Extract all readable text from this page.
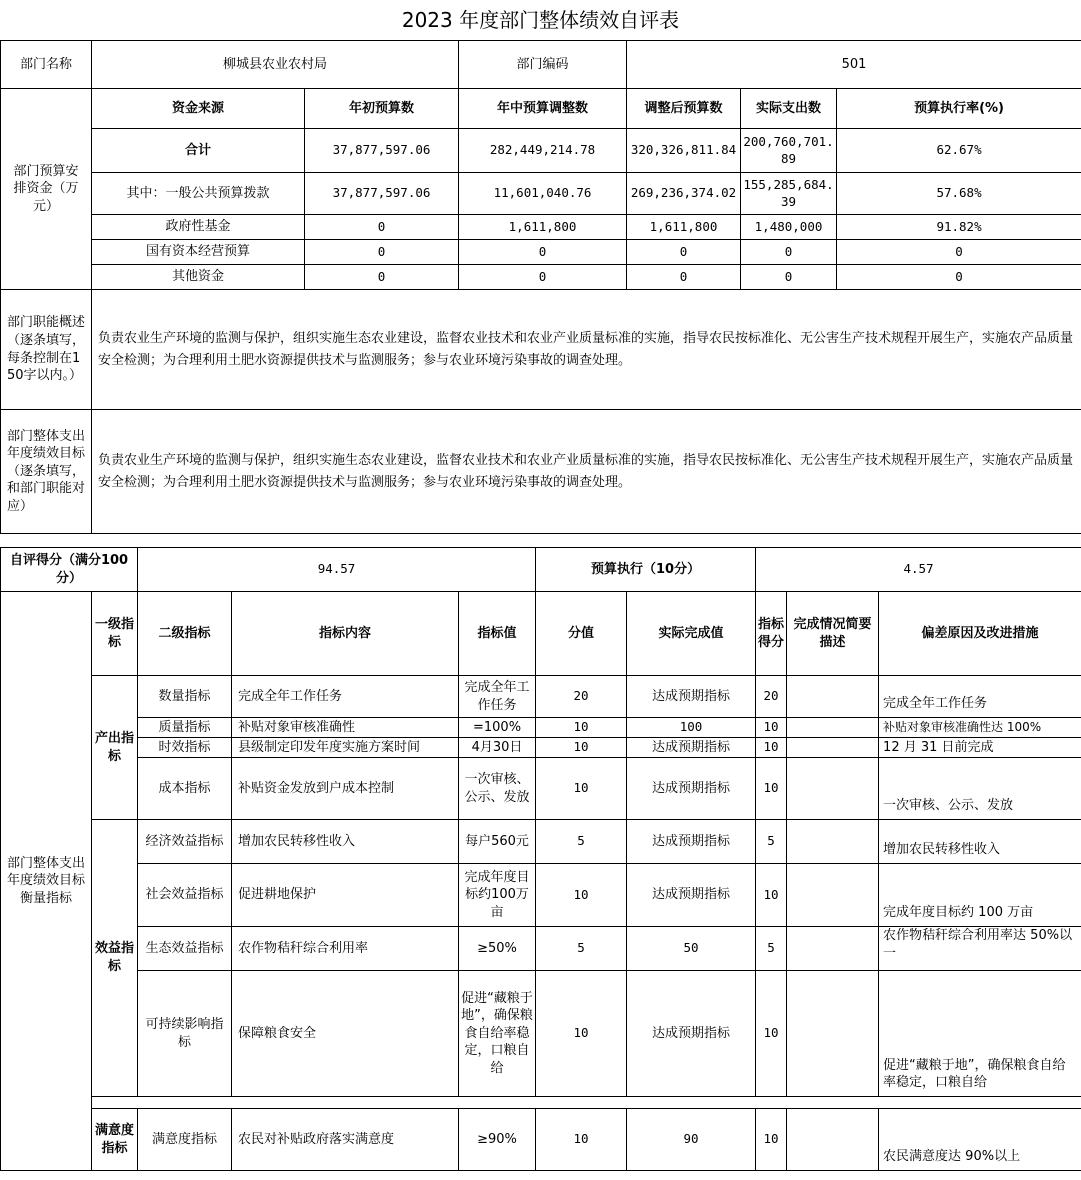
2023 年度部门整体绩效自评表
部门名称	柳城县农业农村局		部门编码	501		
部门预算安排资金（万元）	资金来源	年初预算数	年中预算调整数	调整后预算数	实际支出数	预算执行率(%)
	合计	37,877,597.06	282,449,214.78	320,326,811.84	200,760,701.89	62.67%
	其中：一般公共预算拨款	37,877,597.06	11,601,040.76	269,236,374.02	155,285,684.39	57.68%
	政府性基金	0	1,611,800	1,611,800	1,480,000	91.82%
	国有资本经营预算	0	0	0	0	0
	其他资金	0	0	0	0	0
部门职能概述（逐条填写，每条控制在150字以内。）	负责农业生产环境的监测与保护，组织实施生态农业建设，监督农业技术和农业产业质量标准的实施，指导农民按标准化、无公害生产技术规程开展生产，实施农产品质量安全检测；为合理利用土肥水资源提供技术与监测服务；参与农业环境污染事故的调查处理。					
部门整体支出年度绩效目标（逐条填写，和部门职能对应）	负责农业生产环境的监测与保护，组织实施生态农业建设，监督农业技术和农业产业质量标准的实施，指导农民按标准化、无公害生产技术规程开展生产，实施农产品质量安全检测；为合理利用土肥水资源提供技术与监测服务；参与农业环境污染事故的调查处理。					
自评得分（满分100分）		94.57			预算执行（10分）		4.57		
部门整体支出年度绩效目标衡量指标	一级指标	二级指标	指标内容	指标值	分值	实际完成值	指标得分	完成情况简要描述	偏差原因及改进措施
	产出指标	数量指标	完成全年工作任务	完成全年工作任务	20	达成预期指标	20		完成全年工作任务
		质量指标	补贴对象审核准确性	=100%	10	100	10		补贴对象审核准确性达 100%
		时效指标	县级制定印发年度实施方案时间	4月30日	10	达成预期指标	10		12 月 31 日前完成
		成本指标	补贴资金发放到户成本控制	一次审核、公示、发放	10	达成预期指标	10		一次审核、公示、发放
	效益指标	经济效益指标	增加农民转移性收入	每户560元	5	达成预期指标	5		增加农民转移性收入
		社会效益指标	促进耕地保护	完成年度目标约100万亩	10	达成预期指标	10		完成年度目标约 100 万亩
		生态效益指标	农作物秸秆综合利用率	≥50%	5	50	5		农作物秸秆综合利用率达 50%以一
		可持续影响指标	保障粮食安全	促进“藏粮于地”，确保粮食自给率稳定，口粮自给	10	达成预期指标	10		促进“藏粮于地”，确保粮食自给率稳定，口粮自给

	满意度指标	满意度指标	农民对补贴政府落实满意度	≥90%	10	90	10		农民满意度达 90%以上
